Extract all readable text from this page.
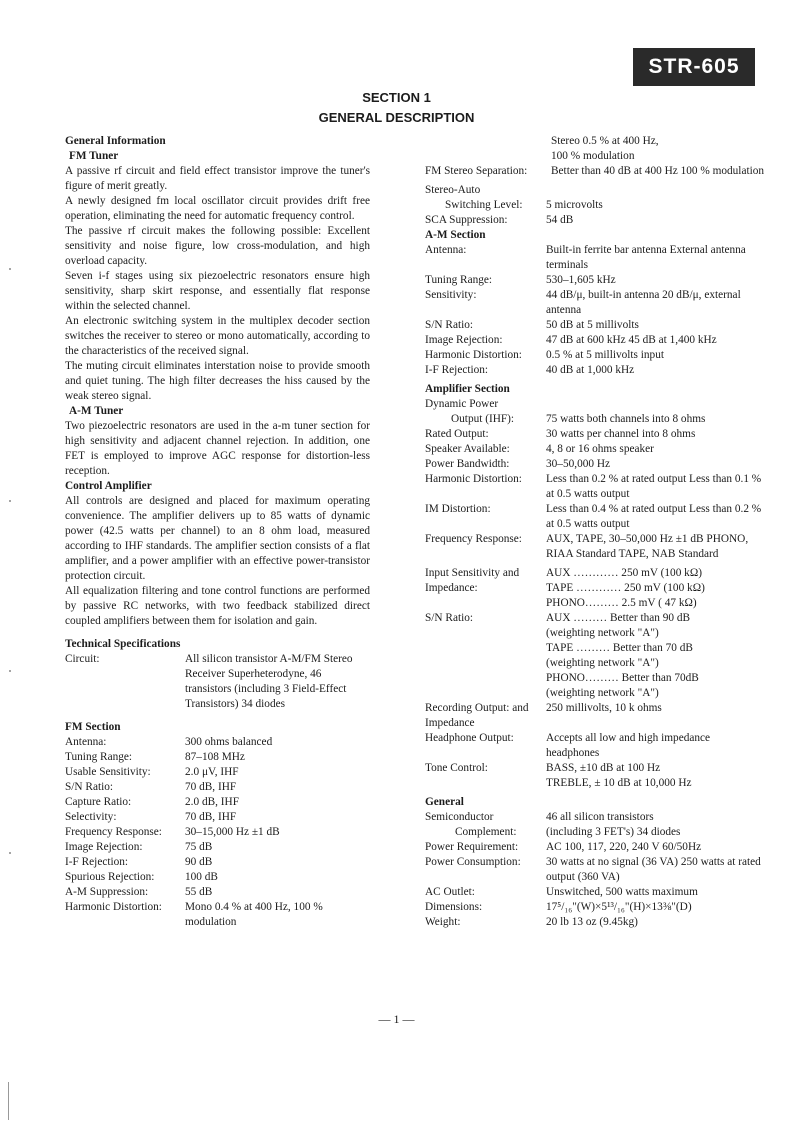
STR-605
SECTION 1
GENERAL DESCRIPTION
General Information
FM Tuner
A passive rf circuit and field effect transistor improve the tuner's figure of merit greatly.
A newly designed fm local oscillator circuit provides drift free operation, eliminating the need for automatic frequency control.
The passive rf circuit makes the following possible: Excellent sensitivity and noise figure, low cross-modulation, and high overload capacity.
Seven i-f stages using six piezoelectric resonators ensure high sensitivity, sharp skirt response, and essentially flat response within the selected channel.
An electronic switching system in the multiplex decoder section switches the receiver to stereo or mono automatically, according to the characteristics of the received signal.
The muting circuit eliminates interstation noise to provide smooth and quiet tuning. The high filter decreases the hiss caused by the weak stereo signal.
A-M Tuner
Two piezoelectric resonators are used in the a-m tuner section for high sensitivity and adjacent channel rejection. In addition, one FET is employed to improve AGC response for distortion-less reception.
Control Amplifier
All controls are designed and placed for maximum operating convenience. The amplifier delivers up to 85 watts of dynamic power (42.5 watts per channel) to an 8 ohm load, measured according to IHF standards. The amplifier section consists of a flat amplifier, and a power amplifier with an effective power-transistor protection circuit.
All equalization filtering and tone control functions are performed by passive RC networks, with two feedback stabilized direct coupled amplifiers between them for isolation and gain.
Technical Specifications
Circuit:	All silicon transistor A-M/FM Stereo Receiver Superheterodyne, 46 transistors (including 3 Field-Effect Transistors) 34 diodes
FM Section
Antenna:	300 ohms balanced
Tuning Range:	87–108 MHz
Usable Sensitivity:	2.0 μV, IHF
S/N Ratio:	70 dB, IHF
Capture Ratio:	2.0 dB, IHF
Selectivity:	70 dB, IHF
Frequency Response:	30–15,000 Hz ±1 dB
Image Rejection:	75 dB
I-F Rejection:	90 dB
Spurious Rejection:	100 dB
A-M Suppression:	55 dB
Harmonic Distortion:	Mono 0.4 % at 400 Hz, 100 % modulation
Stereo 0.5 % at 400 Hz,
100 % modulation
FM Stereo Separation:	Better than 40 dB at 400 Hz 100 % modulation
Stereo-Auto
Switching Level:	5 microvolts
SCA Suppression:	54 dB
A-M Section
Antenna:	Built-in ferrite bar antenna External antenna terminals
Tuning Range:	530–1,605 kHz
Sensitivity:	44 dB/μ, built-in antenna 20 dB/μ, external antenna
S/N Ratio:	50 dB at 5 millivolts
Image Rejection:	47 dB at 600 kHz 45 dB at 1,400 kHz
Harmonic Distortion:	0.5 % at 5 millivolts input
I-F Rejection:	40 dB at 1,000 kHz
Amplifier Section
Dynamic Power
Output (IHF):	75 watts both channels into 8 ohms
Rated Output:	30 watts per channel into 8 ohms
Speaker Available:	4, 8 or 16 ohms speaker
Power Bandwidth:	30–50,000 Hz
Harmonic Distortion:	Less than 0.2 % at rated output Less than 0.1 % at 0.5 watts output
IM Distortion:	Less than 0.4 % at rated output Less than 0.2 % at 0.5 watts output
Frequency Response:	AUX, TAPE, 30–50,000 Hz ±1 dB PHONO, RIAA Standard TAPE, NAB Standard
Input Sensitivity and Impedance:
AUX ………… 250 mV (100 kΩ)
TAPE ………… 250 mV (100 kΩ)
PHONO……… 2.5 mV ( 47 kΩ)
S/N Ratio:	AUX ……… Better than 90 dB
(weighting network "A")
TAPE ……… Better than 70 dB
(weighting network "A")
PHONO……… Better than 70dB
(weighting network "A")
Recording Output: and Impedance
250 millivolts, 10 k ohms
Headphone Output:	Accepts all low and high impedance headphones
Tone Control:	BASS, ±10 dB at 100 Hz
TREBLE, ± 10 dB at 10,000 Hz
General
Semiconductor	46 all silicon transistors
Complement:	(including 3 FET's) 34 diodes
Power Requirement:	AC 100, 117, 220, 240 V 60/50Hz
Power Consumption:	30 watts at no signal (36 VA) 250 watts at rated output (360 VA)
AC Outlet:	Unswitched, 500 watts maximum
Dimensions:	17⁵/₁₆"(W)×5¹³/₁₆"(H)×13⅜"(D)
Weight:	20 lb 13 oz (9.45kg)
— 1 —
